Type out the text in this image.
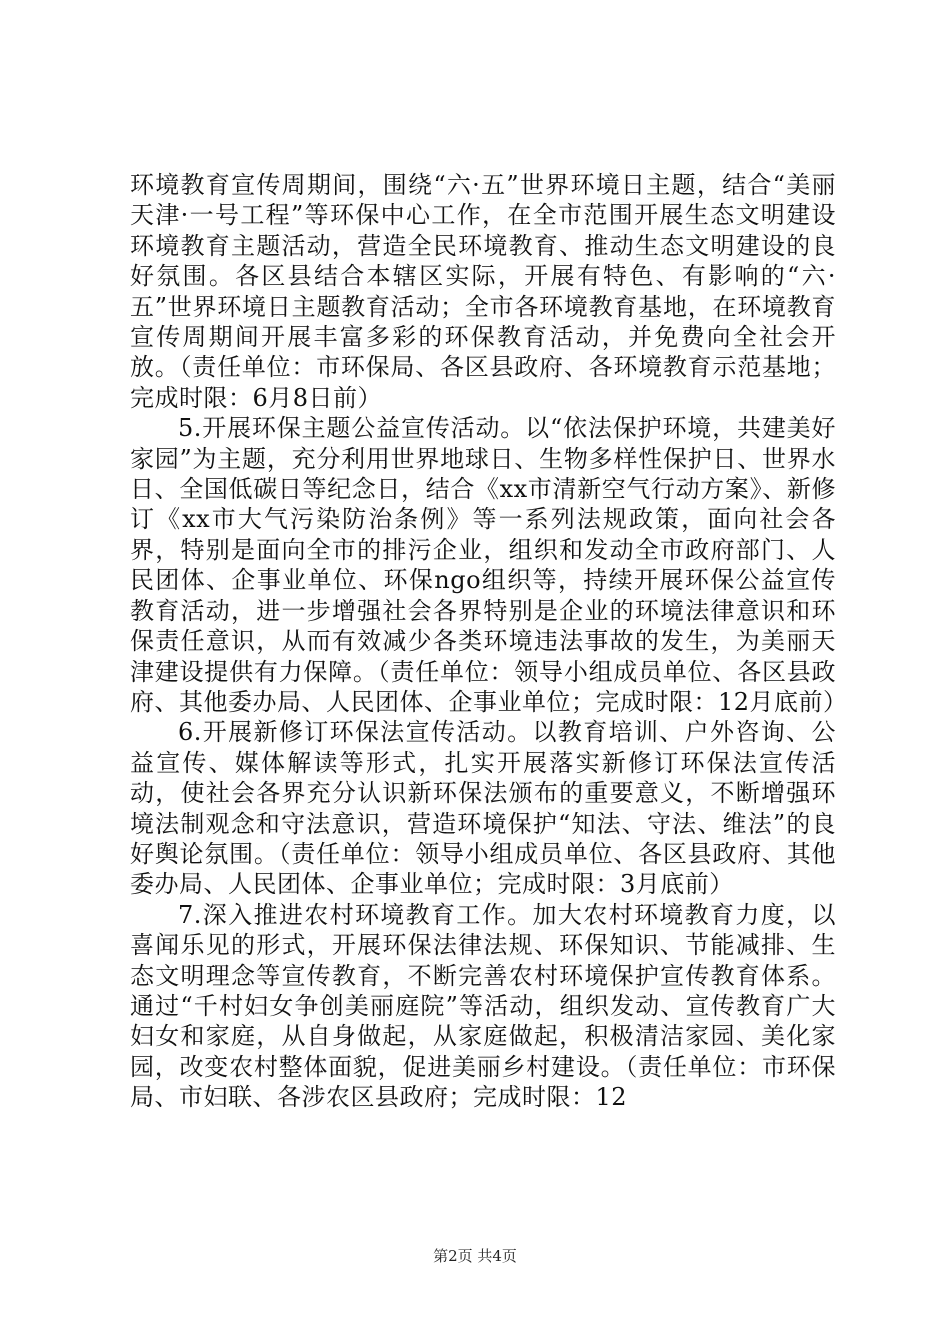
环境教育宣传周期间，围绕“六·五”世界环境日主题，结合“美丽天津·一号工程”等环保中心工作，在全市范围开展生态文明建设环境教育主题活动，营造全民环境教育、推动生态文明建设的良好氛围。各区县结合本辖区实际，开展有特色、有影响的“六·五”世界环境日主题教育活动；全市各环境教育基地，在环境教育宣传周期间开展丰富多彩的环保教育活动，并免费向全社会开放。（责任单位：市环保局、各区县政府、各环境教育示范基地；完成时限：6月8日前）

5.开展环保主题公益宣传活动。以“依法保护环境，共建美好家园”为主题，充分利用世界地球日、生物多样性保护日、世界水日、全国低碳日等纪念日，结合《xx市清新空气行动方案》、新修订《xx市大气污染防治条例》等一系列法规政策，面向社会各界，特别是面向全市的排污企业，组织和发动全市政府部门、人民团体、企事业单位、环保ngo组织等，持续开展环保公益宣传教育活动，进一步增强社会各界特别是企业的环境法律意识和环保责任意识，从而有效减少各类环境违法事故的发生，为美丽天津建设提供有力保障。（责任单位：领导小组成员单位、各区县政府、其他委办局、人民团体、企事业单位；完成时限：12月底前）

6.开展新修订环保法宣传活动。以教育培训、户外咨询、公益宣传、媒体解读等形式，扎实开展落实新修订环保法宣传活动，使社会各界充分认识新环保法颁布的重要意义，不断增强环境法制观念和守法意识，营造环境保护“知法、守法、维法”的良好舆论氛围。（责任单位：领导小组成员单位、各区县政府、其他委办局、人民团体、企事业单位；完成时限：3月底前）

7.深入推进农村环境教育工作。加大农村环境教育力度，以喜闻乐见的形式，开展环保法律法规、环保知识、节能减排、生态文明理念等宣传教育，不断完善农村环境保护宣传教育体系。通过“千村妇女争创美丽庭院”等活动，组织发动、宣传教育广大妇女和家庭，从自身做起，从家庭做起，积极清洁家园、美化家园，改变农村整体面貌，促进美丽乡村建设。（责任单位：市环保局、市妇联、各涉农区县政府；完成时限：12

第2页 共4页
